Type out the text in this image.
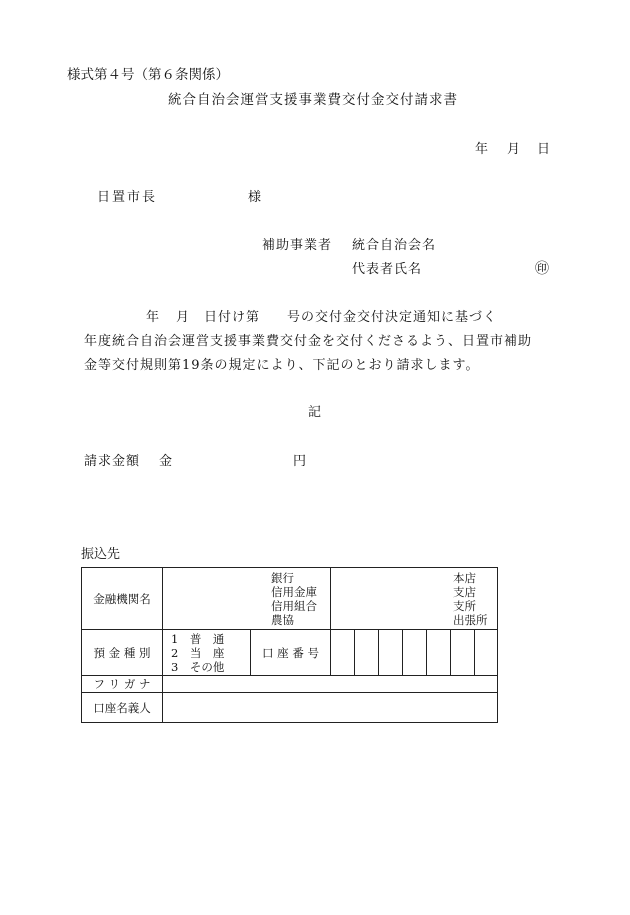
様式第４号（第６条関係）
統合自治会運営支援事業費交付金交付請求書
年 月 日
日置市長	様
補助事業者 統合自治会名
代表者氏名	㊞
年 月 日付け第 号の交付金交付決定通知に基づく
年度統合自治会運営支援事業費交付金を交付くださるよう、日置市補助
金等交付規則第19条の規定により、下記のとおり請求します。
記
請求金額 金	円
振込先
金融機関名	銀行
信用金庫
信用組合
農協		本店
支店
支所
出張所						

預 金 種 別	1　普　通
2　当　座
3　その他	口 座 番 号							
フ リ ガ ナ									
口座名義人									
